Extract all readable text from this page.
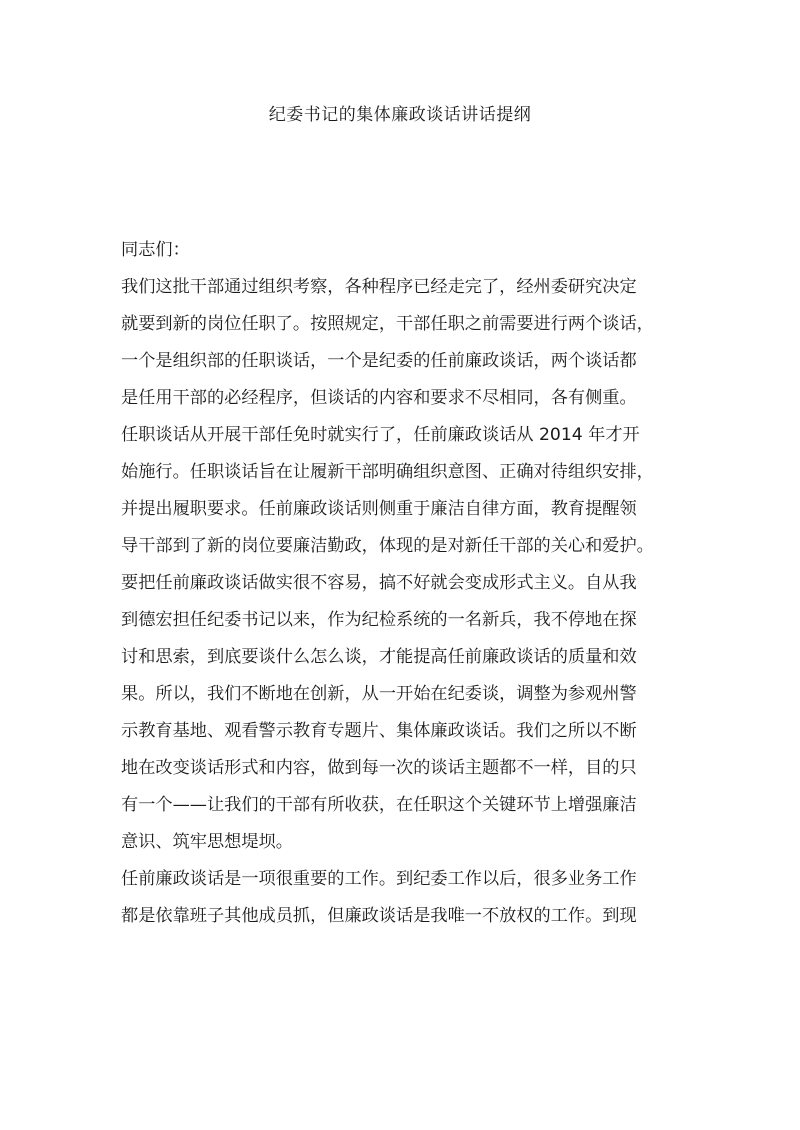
纪委书记的集体廉政谈话讲话提纲
同志们：
我们这批干部通过组织考察，各种程序已经走完了，经州委研究决定
就要到新的岗位任职了。按照规定，干部任职之前需要进行两个谈话，
一个是组织部的任职谈话，一个是纪委的任前廉政谈话，两个谈话都
是任用干部的必经程序，但谈话的内容和要求不尽相同，各有侧重。
任职谈话从开展干部任免时就实行了，任前廉政谈话从 2014 年才开
始施行。任职谈话旨在让履新干部明确组织意图、正确对待组织安排，
并提出履职要求。任前廉政谈话则侧重于廉洁自律方面，教育提醒领
导干部到了新的岗位要廉洁勤政，体现的是对新任干部的关心和爱护。
要把任前廉政谈话做实很不容易，搞不好就会变成形式主义。自从我
到德宏担任纪委书记以来，作为纪检系统的一名新兵，我不停地在探
讨和思索，到底要谈什么怎么谈，才能提高任前廉政谈话的质量和效
果。所以，我们不断地在创新，从一开始在纪委谈，调整为参观州警
示教育基地、观看警示教育专题片、集体廉政谈话。我们之所以不断
地在改变谈话形式和内容，做到每一次的谈话主题都不一样，目的只
有一个——让我们的干部有所收获，在任职这个关键环节上增强廉洁
意识、筑牢思想堤坝。
任前廉政谈话是一项很重要的工作。到纪委工作以后，很多业务工作
都是依靠班子其他成员抓，但廉政谈话是我唯一不放权的工作。到现
